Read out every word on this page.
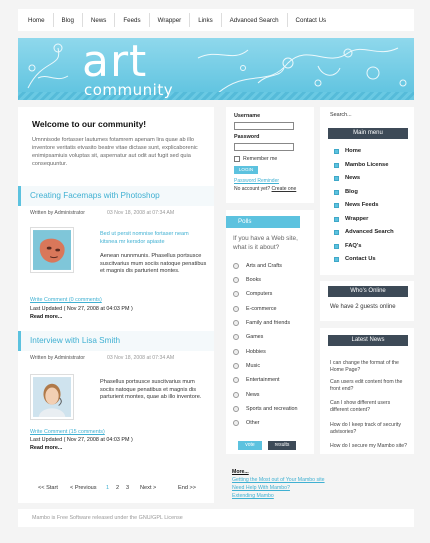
Home	Blog	News	Feeds	Wrapper	Links	Advanced Search	Contact Us
art
community
Welcome to our community!
Umnnisode fortasser lautumes fotamrem apenam lira quae ab illo inventore veritatis etvasito beatre vitae dictase sunt, explicaborenic enimipsamiuis voluptas sit, aspernatur aut odit aut fugit sed quia consequuntur.
Creating Facemaps with Photoshop
Written by Administrator	03 Nov 18, 2008 at 07:34 AM
Bed ut persit nomnise fortaser neam kitsnea mr kersdor apiaste
Aenean nunnmunis. Phasellus portsusce suscitvarius mum sociis natoque penatibus et magnis dis parturient montes.
Write Comment (0 comments)
Last Updated ( Nov 27, 2008 at 04:03 PM )
Read more...
Interview with Lisa Smith
Written by Administrator	03 Nov 18, 2008 at 07:34 AM
Phasellus portsusce suscitvarius mum sociis natoque penatibus et magnis dis parturient montes, quae ab illo inventore.
Write Comment (15 comments)
Last Updated ( Nov 27, 2008 at 04:03 PM )
Read more...
<< Start < Previous 1 2 3 Next >	End >>
Username
Password
Remember me
LOGIN
Password Reminder
No account yet? Create one
Polls
If you have a Web site, what is it about?
Arts and Crafts
Books
Computers
E-commerce
Family and friends
Games
Hobbies
Music
Entertainment
News
Sports and recreation
Other
vote	results
More...
Getting the Most out of Your Mambo site
Need Help With Mambo?
Extending Mambo
Search...
Main menu
Home
Mambo License
News
Blog
News Feeds
Wrapper
Advanced Search
FAQ's
Contact Us
Who's Online
We have 2 guests online
Latest News
I can change the format of the Home Page?
Can users edit content from the front end?
Can I show different users different content?
How do I keep track of security advisories?
How do I secure my Mambo site?
Mambo is Free Software released under the GNU/GPL License
